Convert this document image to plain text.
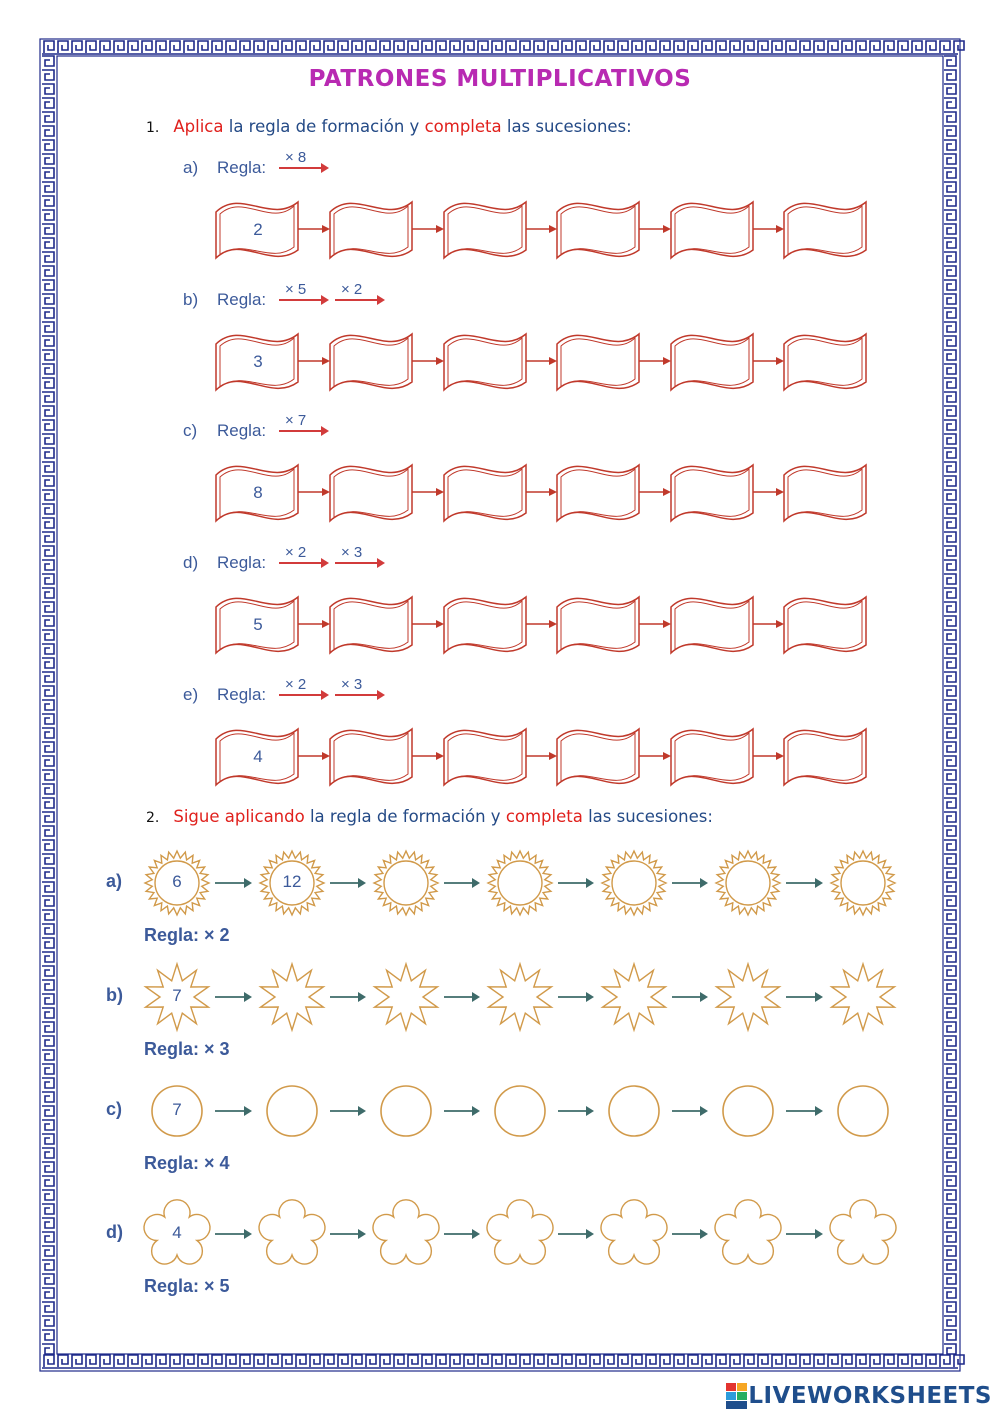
PATRONES MULTIPLICATIVOS
1. Aplica la regla de formación y completa las sucesiones:
a) Regla:
× 8
2
b) Regla:
× 5	× 2
3
c) Regla:
× 7
8
d) Regla:
× 2	× 3
5
e) Regla:
× 2	× 3
4
2. Sigue aplicando la regla de formación y completa las sucesiones:
a)
Regla: × 2
6	12
b)
Regla: × 3
7
c)
Regla: × 4
7
d)
Regla: × 5
4
LIVEWORKSHEETS
